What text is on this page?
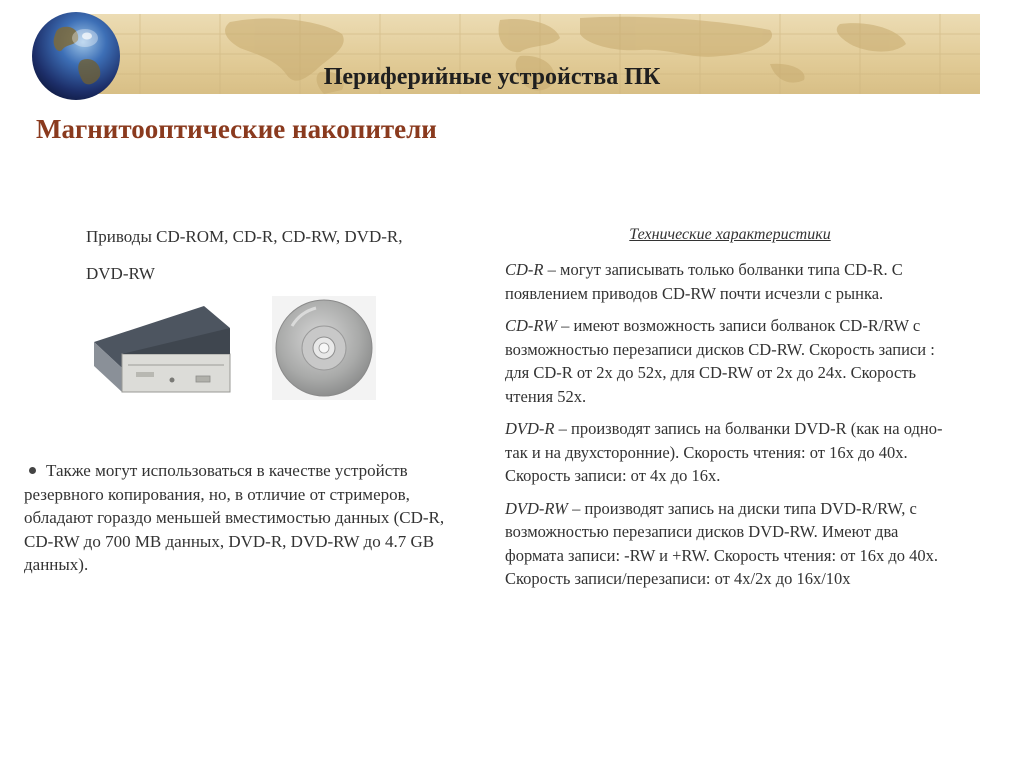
Периферийные устройства ПК
Магнитооптические накопители
Приводы CD-ROM, CD-R, CD-RW, DVD-R,
DVD-RW
Также могут использоваться в качестве устройств резервного копирования, но, в отличие от стримеров, обладают гораздо меньшей вместимостью данных (CD-R, CD-RW до 700 MB данных, DVD-R, DVD-RW до 4.7 GB данных).
Технические характеристики

CD-R – могут записывать только болванки типа CD-R. С появлением приводов CD-RW почти исчезли с рынка.

CD-RW – имеют возможность записи болванок CD-R/RW с возможностью перезаписи дисков CD-RW. Скорость записи : для CD-R от 2x до 52x, для CD-RW от 2x до 24x. Скорость чтения 52x.

DVD-R – производят запись на болванки DVD-R (как на одно- так и на двухсторонние). Скорость чтения: от 16x до 40x. Скорость записи: от 4x до 16x.

DVD-RW – производят запись на диски типа DVD-R/RW, с возможностью перезаписи дисков DVD-RW. Имеют два формата записи: -RW и +RW. Скорость чтения: от 16x до 40x. Скорость записи/перезаписи: от 4x/2x до 16x/10x
